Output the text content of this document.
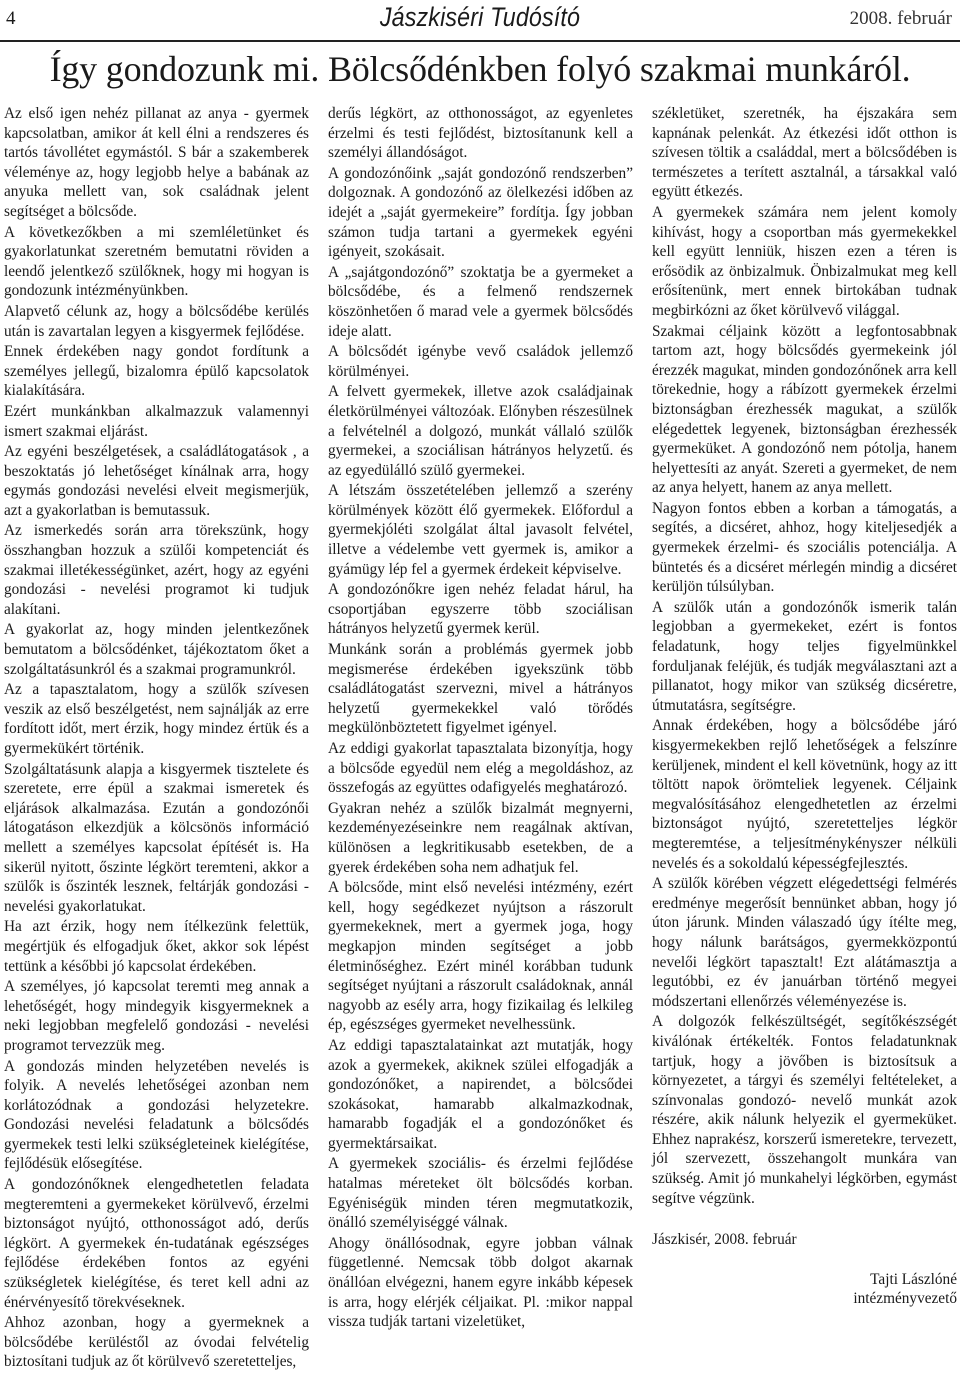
4	Jászkiséri Tudósító	2008. február
Így gondozunk mi. Bölcsődénkben folyó szakmai munkáról.

Az első igen nehéz pillanat az anya - gyermek kapcsolatban, amikor át kell élni a rendszeres és tartós távollétet egymástól. S bár a szakemberek véleménye az, hogy legjobb helye a babának az anyuka mellett van, sok családnak jelent segítséget a bölcsőde.

A következőkben a mi szemléletünket és gyakorlatunkat szeretném bemutatni röviden a leendő jelentkező szülőknek, hogy mi hogyan is gondozunk intézményünkben.

Alapvető célunk az, hogy a bölcsődébe kerülés után is zavartalan legyen a kisgyermek fejlődése.

Ennek érdekében nagy gondot fordítunk a személyes jellegű, bizalomra épülő kapcsolatok kialakítására.

Ezért munkánkban alkalmazzuk valamennyi ismert szakmai eljárást.

Az egyéni beszélgetések, a családlátogatások , a beszoktatás jó lehetőséget kínálnak arra, hogy egymás gondozási nevelési elveit megismerjük, azt a gyakorlatban is bemutassuk.

Az ismerkedés során arra törekszünk, hogy összhangban hozzuk a szülői kompetenciát és szakmai illetékességünket, azért, hogy az egyéni gondozási - nevelési programot ki tudjuk alakítani.

A gyakorlat az, hogy minden jelentkezőnek bemutatom a bölcsődénket, tájékoztatom őket a szolgáltatásunkról és a szakmai programunkról.

Az a tapasztalatom, hogy a szülők szívesen veszik az első beszélgetést, nem sajnálják az erre fordított időt, mert érzik, hogy mindez értük és a gyermekükért történik.

Szolgáltatásunk alapja a kisgyermek tisztelete és szeretete, erre épül a szakmai ismeretek és eljárások alkalmazása. Ezután a gondozónői látogatáson elkezdjük a kölcsönös információ mellett a személyes kapcsolat építését is. Ha sikerül nyitott, őszinte légkört teremteni, akkor a szülők is őszinték lesznek, feltárják gondozási - nevelési gyakorlatukat.

Ha azt érzik, hogy nem ítélkezünk felettük, megértjük és elfogadjuk őket, akkor sok lépést tettünk a későbbi jó kapcsolat érdekében.

A személyes, jó kapcsolat teremti meg annak a lehetőségét, hogy mindegyik kisgyermeknek a neki legjobban megfelelő gondozási - nevelési programot tervezzük meg.

A gondozás minden helyzetében nevelés is folyik. A nevelés lehetőségei azonban nem korlátozódnak a gondozási helyzetekre. Gondozási nevelési feladatunk a bölcsődés gyermekek testi lelki szükségleteinek kielégítése, fejlődésük elősegítése.

A gondozónőknek elengedhetetlen feladata megteremteni a gyermekeket körülvevő, érzelmi biztonságot nyújtó, otthonosságot adó, derűs légkört. A gyermekek én-tudatának egészséges fejlődése érdekében fontos az egyéni szükségletek kielégítése, és teret kell adni az énérvényesítő törekvéseknek.

Ahhoz azonban, hogy a gyermeknek a bölcsődébe kerüléstől az óvodai felvételig biztosítani tudjuk az őt körülvevő szeretetteljes,

derűs légkört, az otthonosságot, az egyenletes érzelmi és testi fejlődést, biztosítanunk kell a személyi állandóságot.

A gondozónőink „saját gondozónő rendszerben” dolgoznak. A gondozónő az ölelkezési időben az idejét a „saját gyermekeire” fordítja. Így jobban számon tudja tartani a gyermekek egyéni igényeit, szokásait.

A „sajátgondozónő” szoktatja be a gyermeket a bölcsődébe, és a felmenő rendszernek köszönhetően ő marad vele a gyermek bölcsődés ideje alatt.

A bölcsődét igénybe vevő családok jellemző körülményei.

A felvett gyermekek, illetve azok családjainak életkörülményei változóak. Előnyben részesülnek a felvételnél a dolgozó, munkát vállaló szülők gyermekei, a szociálisan hátrányos helyzetű. és az egyedülálló szülő gyermekei.

A létszám összetételében jellemző a szerény körülmények között élő gyermekek. Előfordul a gyermekjóléti szolgálat által javasolt felvétel, illetve a védelembe vett gyermek is, amikor a gyámügy lép fel a gyermek érdekeit képviselve.

A gondozónőkre igen nehéz feladat hárul, ha csoportjában egyszerre több szociálisan hátrányos helyzetű gyermek kerül.

Munkánk során a problémás gyermek jobb megismerése érdekében igyekszünk több családlátogatást szervezni, mivel a hátrányos helyzetű gyermekekkel való törődés megkülönböztetett figyelmet igényel.

Az eddigi gyakorlat tapasztalata bizonyítja, hogy a bölcsőde egyedül nem elég a megoldáshoz, az összefogás az együttes odafigyelés meghatározó.

Gyakran nehéz a szülők bizalmát megnyerni, kezdeményezéseinkre nem reagálnak aktívan, különösen a legkritikusabb esetekben, de a gyerek érdekében soha nem adhatjuk fel.

A bölcsőde, mint első nevelési intézmény, ezért kell, hogy segédkezet nyújtson a rászorult gyermekeknek, mert a gyermek joga, hogy megkapjon minden segítséget a jobb életminőséghez. Ezért minél korábban tudunk segítséget nyújtani a rászorult családoknak, annál nagyobb az esély arra, hogy fizikailag és lelkileg ép, egészséges gyermeket nevelhessünk.

Az eddigi tapasztalatainkat azt mutatják, hogy azok a gyermekek, akiknek szülei elfogadják a gondozónőket, a napirendet, a bölcsődei szokásokat, hamarabb alkalmazkodnak, hamarabb fogadják el a gondozónőket és gyermektársaikat.

A gyermekek szociális- és érzelmi fejlődése hatalmas méreteket ölt bölcsődés korban. Egyéniségük minden téren megmutatkozik, önálló személyiséggé válnak.

Ahogy önállósodnak, egyre jobban válnak függetlenné. Nemcsak több dolgot akarnak önállóan elvégezni, hanem egyre inkább képesek is arra, hogy elérjék céljaikat. Pl. :mikor nappal vissza tudják tartani vizeletüket,

székletüket, szeretnék, ha éjszakára sem kapnának pelenkát. Az étkezési időt otthon is szívesen töltik a családdal, mert a bölcsődében is természetes a terített asztalnál, a társakkal való együtt étkezés.

A gyermekek számára nem jelent komoly kihívást, hogy a csoportban más gyermekekkel kell együtt lenniük, hiszen ezen a téren is erősödik az önbizalmuk. Önbizalmukat meg kell erősítenünk, mert ennek birtokában tudnak megbirkózni az őket körülvevő világgal.

Szakmai céljaink között a legfontosabbnak tartom azt, hogy bölcsődés gyermekeink jól érezzék magukat, minden gondozónőnek arra kell törekednie, hogy a rábízott gyermekek érzelmi biztonságban érezhessék magukat, a szülők elégedettek legyenek, biztonságban érezhessék gyermeküket. A gondozónő nem pótolja, hanem helyettesíti az anyát. Szereti a gyermeket, de nem az anya helyett, hanem az anya mellett.

Nagyon fontos ebben a korban a támogatás, a segítés, a dicséret, ahhoz, hogy kiteljesedjék a gyermekek érzelmi- és szociális potenciálja. A büntetés és a dicséret mérlegén mindig a dicséret kerüljön túlsúlyban.

A szülők után a gondozónők ismerik talán legjobban a gyermekeket, ezért is fontos feladatunk, hogy teljes figyelmünkkel forduljanak feléjük, és tudják megválasztani azt a pillanatot, hogy mikor van szükség dicséretre, útmutatásra, segítségre.

Annak érdekében, hogy a bölcsődébe járó kisgyermekekben rejlő lehetőségek a felszínre kerüljenek, mindent el kell követnünk, hogy az itt töltött napok örömteliek legyenek. Céljaink megvalósításához elengedhetetlen az érzelmi biztonságot nyújtó, szeretetteljes légkör megteremtése, a teljesítménykényszer nélküli nevelés és a sokoldalú képességfejlesztés.

A szülők körében végzett elégedettségi felmérés eredménye megerősít bennünket abban, hogy jó úton járunk. Minden válaszadó úgy ítélte meg, hogy nálunk barátságos, gyermekközpontú nevelői légkört tapasztalt! Ezt alátámasztja a legutóbbi, ez év januárban történő megyei módszertani ellenőrzés véleményezése is.

A dolgozók felkészültségét, segítőkészségét kiválónak értékelték. Fontos feladatunknak tartjuk, hogy a jövőben is biztosítsuk a környezetet, a tárgyi és személyi feltételeket, a színvonalas gondozó- nevelő munkát azok részére, akik nálunk helyezik el gyermeküket. Ehhez naprakész, korszerű ismeretekre, tervezett, jól szervezett, összehangolt munkára van szükség. Amit jó munkahelyi légkörben, egymást segítve végzünk.

Jászkisér, 2008. február

Tajti Lászlóné
intézményvezető
